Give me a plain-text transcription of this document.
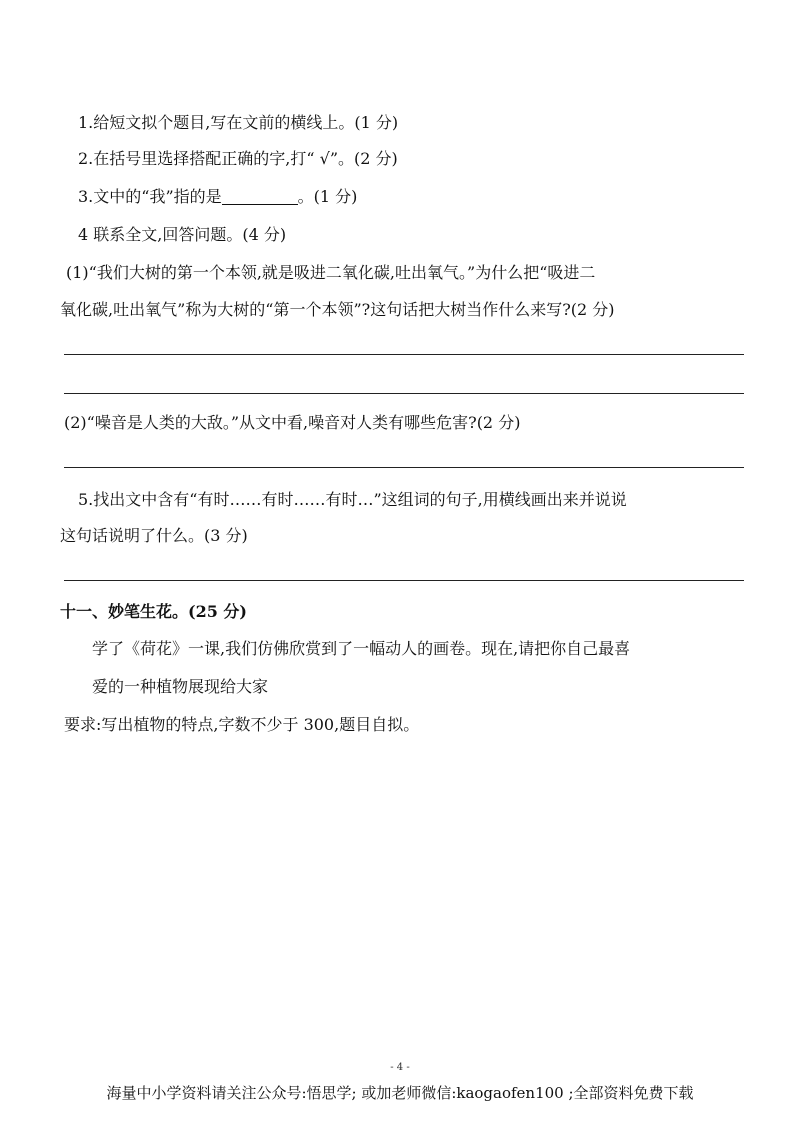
1.给短文拟个题目,写在文前的横线上。(1 分)
2.在括号里选择搭配正确的字,打“ √”。(2 分)
3.文中的“我”指的是	。(1 分)
4 联系全文,回答问题。(4 分)
(1)“我们大树的第一个本领,就是吸进二氧化碳,吐出氧气。”为什么把“吸进二
氧化碳,吐出氧气”称为大树的“第一个本领”?这句话把大树当作什么来写?(2 分)
(2)“噪音是人类的大敌。”从文中看,噪音对人类有哪些危害?(2 分)
5.找出文中含有“有时……有时……有时…”这组词的句子,用横线画出来并说说
这句话说明了什么。(3 分)
十一、妙笔生花。(25 分)
学了《荷花》一课,我们仿佛欣赏到了一幅动人的画卷。现在,请把你自己最喜
爱的一种植物展现给大家
要求:写出植物的特点,字数不少于 300,题目自拟。
- 4 -
海量中小学资料请关注公众号:悟思学; 或加老师微信:kaogaofen100 ;全部资料免费下载
